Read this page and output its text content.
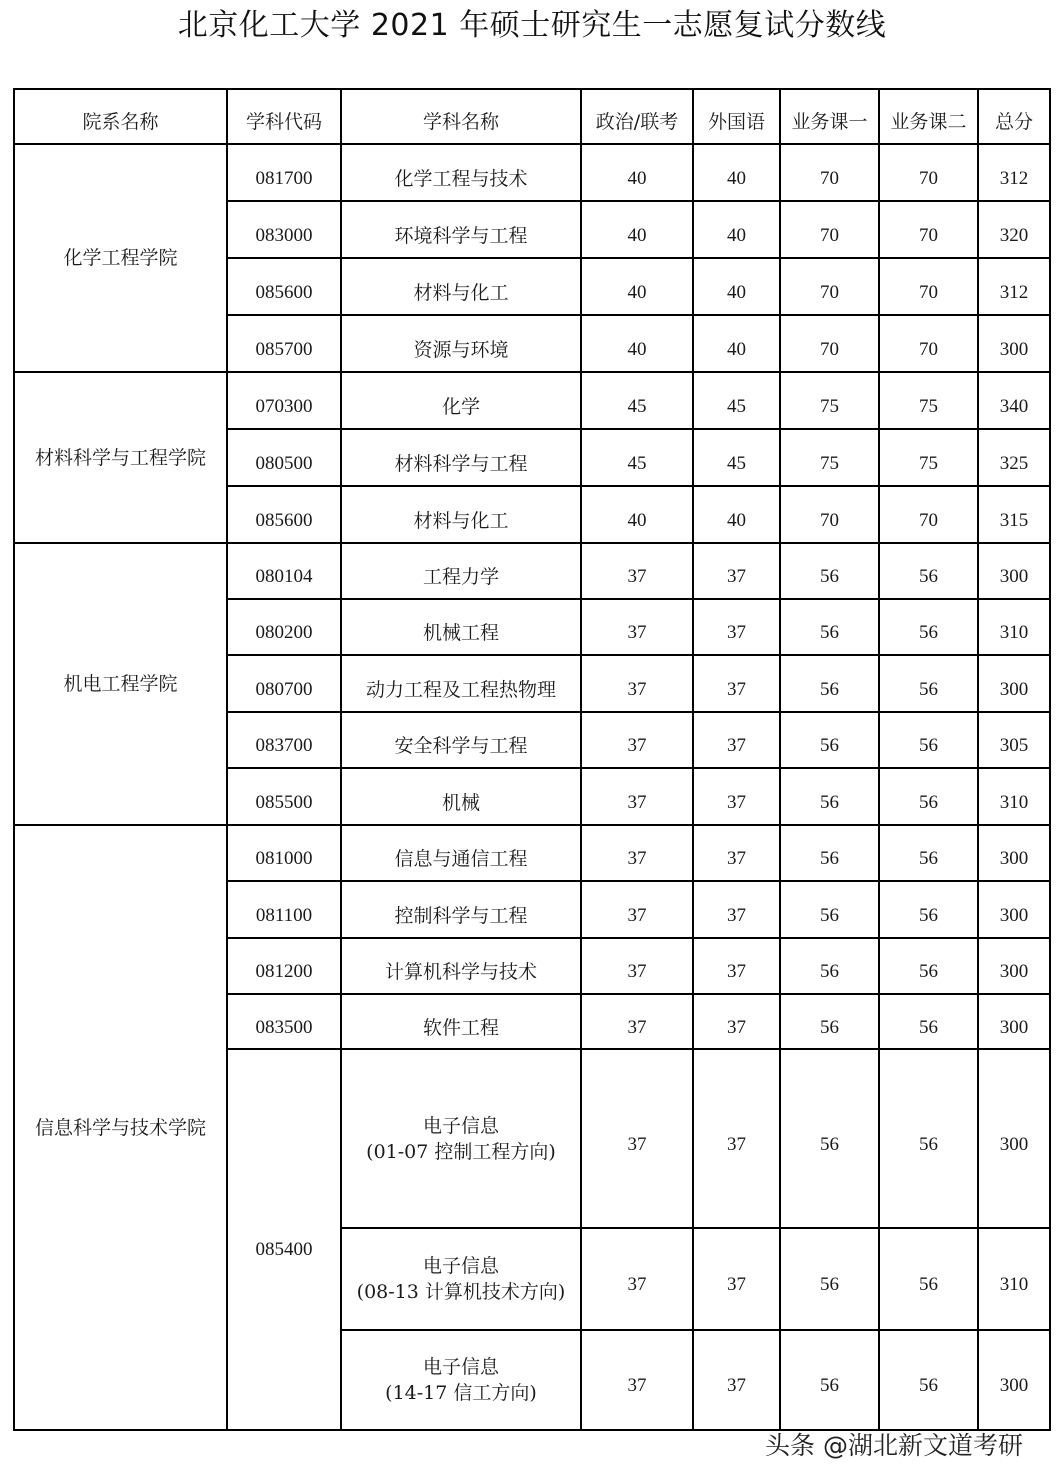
北京化工大学 2021 年硕士研究生一志愿复试分数线
院系名称	学科代码	学科名称	政治/联考	外国语	业务课一	业务课二	总分
化学工程学院	081700	化学工程与技术	40	40	70	70	312
	083000	环境科学与工程	40	40	70	70	320
	085600	材料与化工	40	40	70	70	312
	085700	资源与环境	40	40	70	70	300
材料科学与工程学院	070300	化学	45	45	75	75	340
	080500	材料科学与工程	45	45	75	75	325
	085600	材料与化工	40	40	70	70	315
机电工程学院	080104	工程力学	37	37	56	56	300
	080200	机械工程	37	37	56	56	310
	080700	动力工程及工程热物理	37	37	56	56	300
	083700	安全科学与工程	37	37	56	56	305
	085500	机械	37	37	56	56	310
信息科学与技术学院	081000	信息与通信工程	37	37	56	56	300
	081100	控制科学与工程	37	37	56	56	300
	081200	计算机科学与技术	37	37	56	56	300
	083500	软件工程	37	37	56	56	300
	085400	电子信息
(01-07 控制工程方向)	37	37	56	56	300

		电子信息
(08-13 计算机技术方向)	37	37	56	56	310

		电子信息
(14-17 信工方向)	37	37	56	56	300
头条 @湖北新文道考研
